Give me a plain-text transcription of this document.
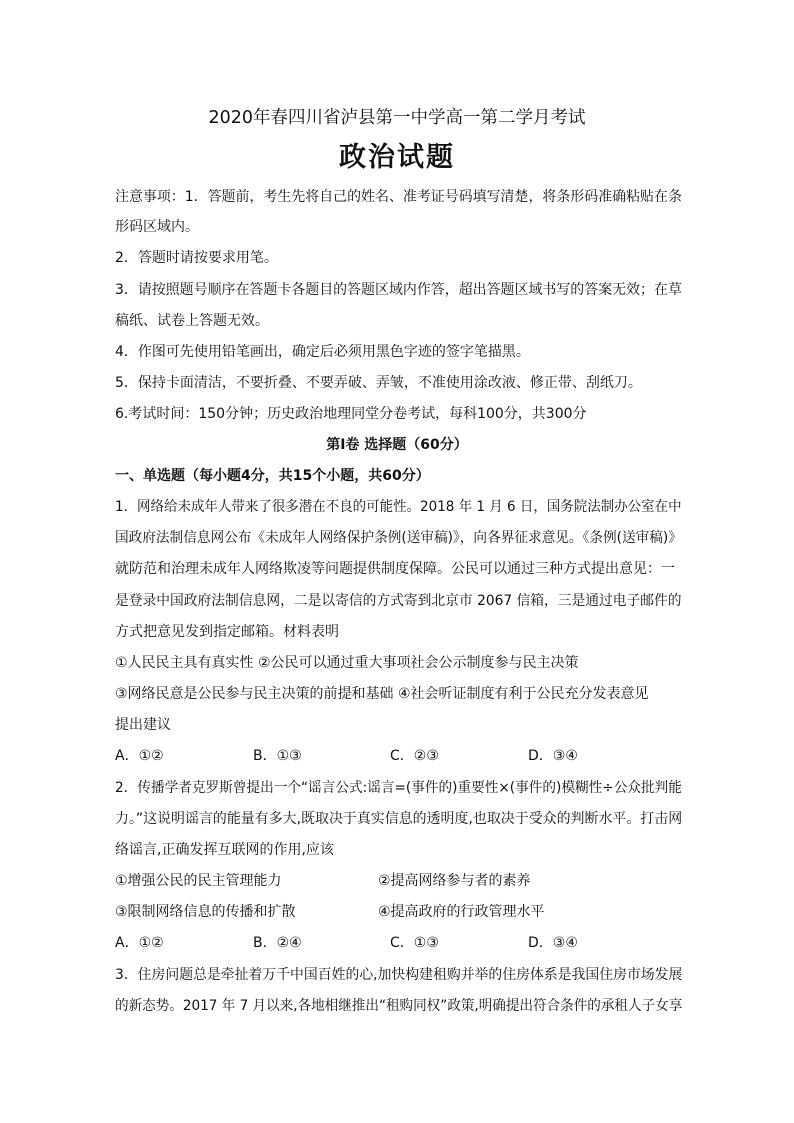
2020年春四川省泸县第一中学高一第二学月考试
政治试题
注意事项：1．答题前，考生先将自己的姓名、准考证号码填写清楚，将条形码准确粘贴在条
形码区域内。
2．答题时请按要求用笔。
3．请按照题号顺序在答题卡各题目的答题区域内作答，超出答题区域书写的答案无效；在草
稿纸、试卷上答题无效。
4．作图可先使用铅笔画出，确定后必须用黑色字迹的签字笔描黑。
5．保持卡面清洁，不要折叠、不要弄破、弄皱，不准使用涂改液、修正带、刮纸刀。
6.考试时间：150分钟；历史政治地理同堂分卷考试，每科100分，共300分
第Ⅰ卷 选择题（60分）
一、单选题（每小题4分，共15个小题，共60分）
1．网络给未成年人带来了很多潜在不良的可能性。2018 年 1 月 6 日，国务院法制办公室在中
国政府法制信息网公布《未成年人网络保护条例(送审稿)》，向各界征求意见。《条例(送审稿)》
就防范和治理未成年人网络欺凌等问题提供制度保障。公民可以通过三种方式提出意见：一
是登录中国政府法制信息网，二是以寄信的方式寄到北京市 2067 信箱，三是通过电子邮件的
方式把意见发到指定邮箱。材料表明
①人民民主具有真实性 ②公民可以通过重大事项社会公示制度参与民主决策
③网络民意是公民参与民主决策的前提和基础 ④社会听证制度有利于公民充分发表意见
提出建议
A．①②	B．①③	C．②③	D．③④
2．传播学者克罗斯曾提出一个“谣言公式:谣言=(事件的)重要性×(事件的)模糊性÷公众批判能
力。”这说明谣言的能量有多大,既取决于真实信息的透明度,也取决于受众的判断水平。打击网
络谣言,正确发挥互联网的作用,应该
①增强公民的民主管理能力	②提高网络参与者的素养
③限制网络信息的传播和扩散	④提高政府的行政管理水平
A．①②	B．②④	C．①③	D．③④
3．住房问题总是牵扯着万千中国百姓的心,加快构建租购并举的住房体系是我国住房市场发展
的新态势。2017 年 7 月以来,各地相继推出“租购同权”政策,明确提出符合条件的承租人子女享
